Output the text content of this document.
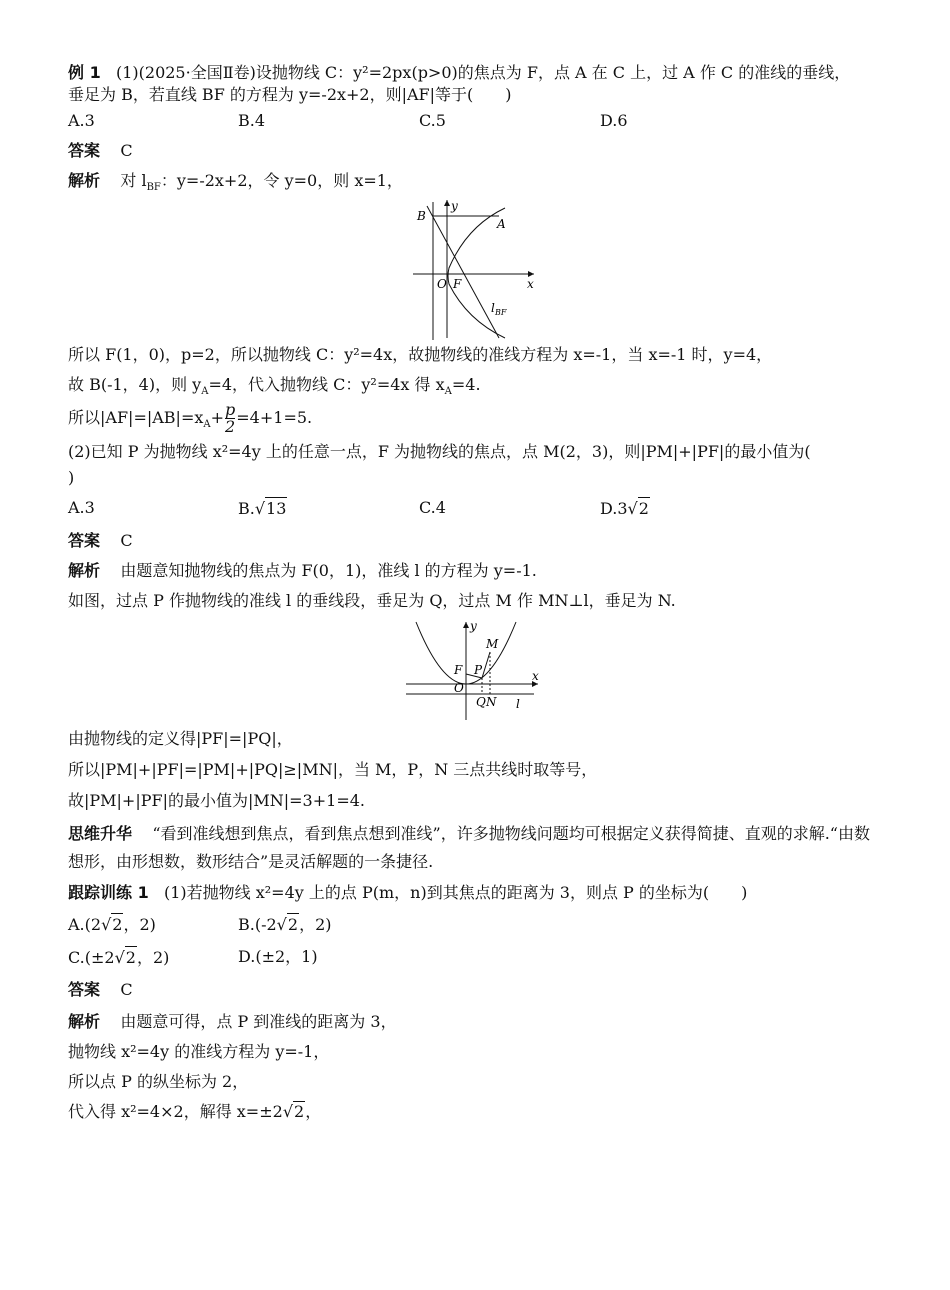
例 1 (1)(2025·全国Ⅱ卷)设抛物线 C：y²=2px(p>0)的焦点为 F，点 A 在 C 上，过 A 作 C 的准线的垂线，

垂足为 B，若直线 BF 的方程为 y=-2x+2，则|AF|等于(　　)

A.3	B.4	C.5	D.6

答案 C

解析 对 $l_{BF}$：y=-2x+2，令 y=0，则 x=1，

B
y
A
O F	x
l BF

所以 F(1，0)，p=2，所以抛物线 C：y²=4x，故抛物线的准线方程为 x=-1，当 x=-1 时，y=4，

故 B(-1，4)，则 $y_A=4$，代入抛物线 C：y²=4x 得 $x_A=4$.

所以$|AF|=|AB|=x_A+ \frac{p}{2} =4+1=5$.

(2)已知 P 为抛物线 x²=4y 上的任意一点，F 为抛物线的焦点，点 M(2，3)，则|PM|+|PF|的最小值为(

)

A.3	B.√13	C.4	D.3√2

答案 C

解析 由题意知抛物线的焦点为 F(0，1)，准线 l 的方程为 y=-1.

如图，过点 P 作抛物线的准线 l 的垂线段，垂足为 Q，过点 M 作 MN⊥l，垂足为 N.

y
M
F P
O
Q N
x
l

由抛物线的定义得|PF|=|PQ|，

所以|PM|+|PF|=|PM|+|PQ|≥|MN|，当 M，P，N 三点共线时取等号，

故|PM|+|PF|的最小值为|MN|=3+1=4.

思维升华 “看到准线想到焦点，看到焦点想到准线”，许多抛物线问题均可根据定义获得简捷、直观的求解.“由数想形，由形想数，数形结合”是灵活解题的一条捷径.

跟踪训练 1 (1)若抛物线 x²=4y 上的点 P(m，n)到其焦点的距离为 3，则点 P 的坐标为(　　)

A.(2√2，2)	B.(-2√2，2)
C.(±2√2，2)	D.(±2，1)

答案 C

解析 由题意可得，点 P 到准线的距离为 3，

抛物线 x²=4y 的准线方程为 y=-1，

所以点 P 的纵坐标为 2，

代入得 x²=4×2，解得 x=±2√2，
